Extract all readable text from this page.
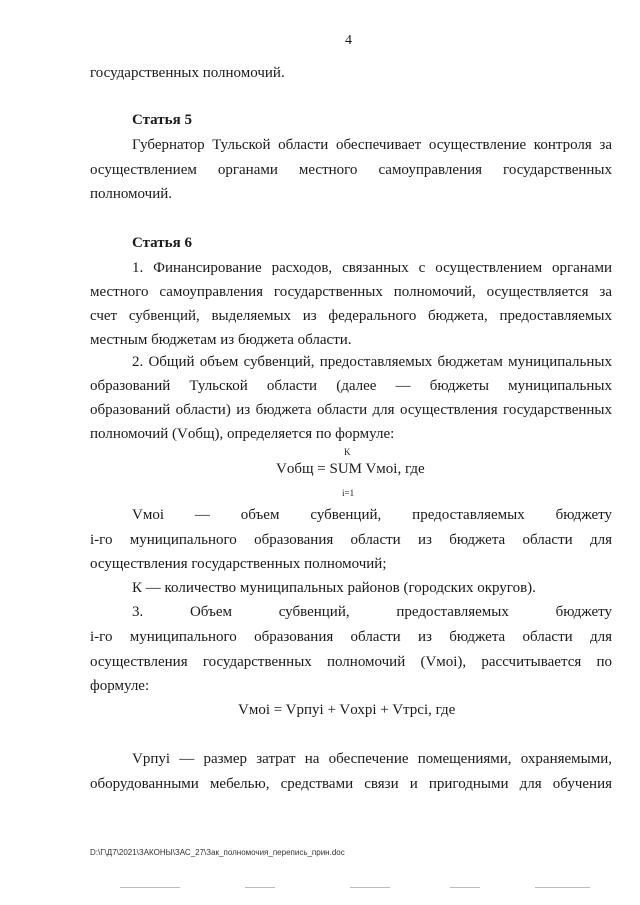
4
государственных полномочий.
Статья 5
Губернатор Тульской области обеспечивает осуществление контроля за
осуществлением органами местного самоуправления государственных
полномочий.
Статья 6
1. Финансирование расходов, связанных с осуществлением органами
местного самоуправления государственных полномочий, осуществляется за
счет субвенций, выделяемых из федерального бюджета, предоставляемых
местным бюджетам из бюджета области.
2. Общий объем субвенций, предоставляемых бюджетам муниципальных
образований Тульской области (далее — бюджеты муниципальных
образований области) из бюджета области для осуществления государственных
полномочий (Vобщ), определяется по формуле:
K
Vобщ = SUM Vмоi, где
i=1
Vмоi — объем субвенций, предоставляемых бюджету
i-го муниципального образования области из бюджета области для
осуществления государственных полномочий;
К — количество муниципальных районов (городских округов).
3. Объем субвенций, предоставляемых бюджету
i-го муниципального образования области из бюджета области для
осуществления государственных полномочий (Vмоi), рассчитывается по
формуле:
Vмоi = Vрпуi + Vохрi + Vтрсi, где
Vрпуi — размер затрат на обеспечение помещениями, охраняемыми,
оборудованными мебелью, средствами связи и пригодными для обучения
D:\Г\Д7\2021\ЗАКОНЫ\ЗАС_27\Зак_полномочия_перепись_прин.doc
